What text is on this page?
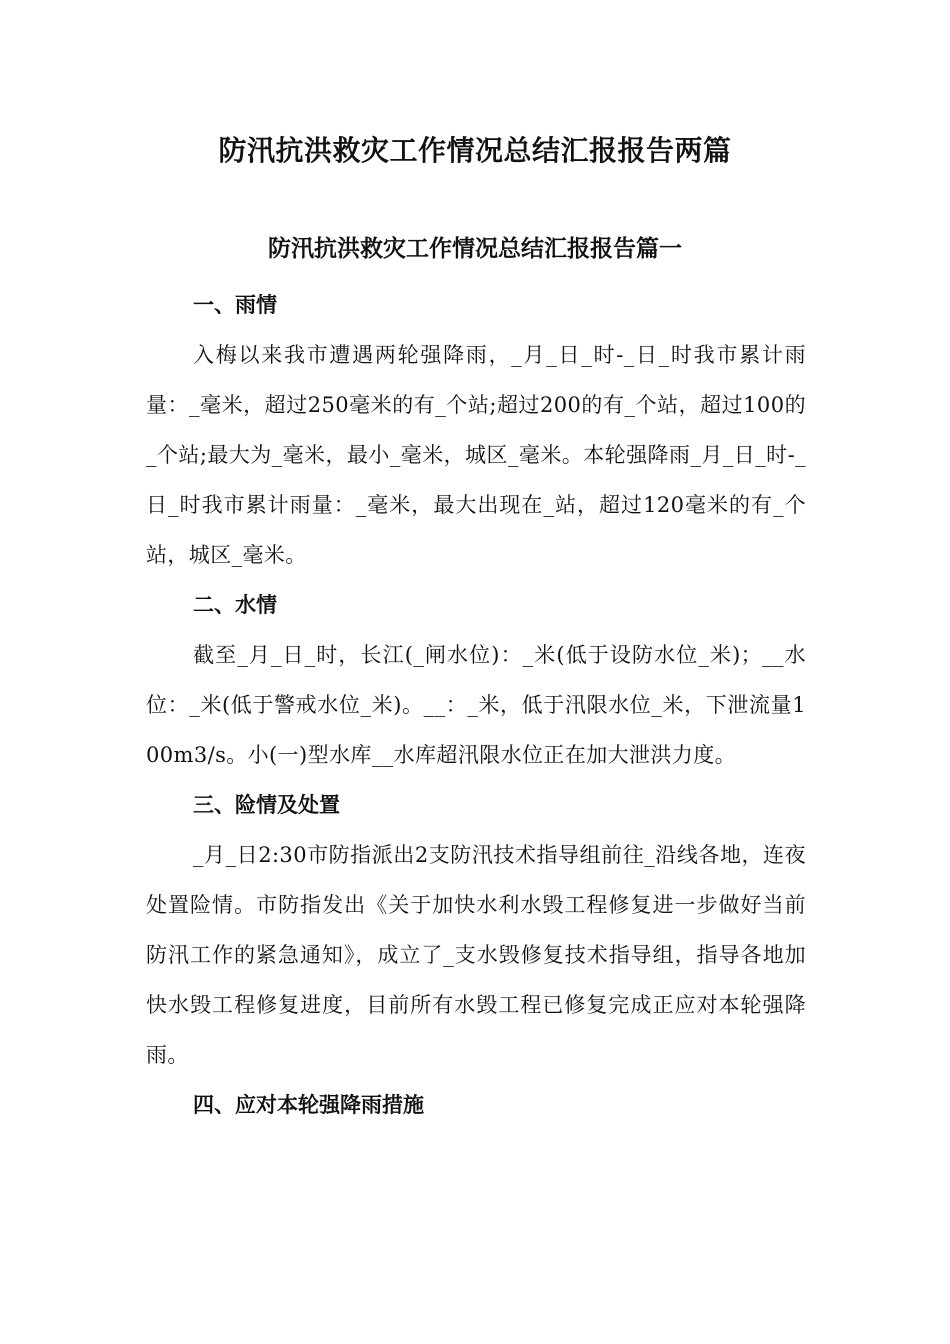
防汛抗洪救灾工作情况总结汇报报告两篇
防汛抗洪救灾工作情况总结汇报报告篇一

一、雨情

入梅以来我市遭遇两轮强降雨，_月_日_时-_日_时我市累计雨量：_毫米，超过250毫米的有_个站;超过200的有_个站，超过100的_个站;最大为_毫米，最小_毫米，城区_毫米。本轮强降雨_月_日_时-_日_时我市累计雨量：_毫米，最大出现在_站，超过120毫米的有_个站，城区_毫米。

二、水情

截至_月_日_时，长江(_闸水位)：_米(低于设防水位_米)；__水位：_米(低于警戒水位_米)。__：_米，低于汛限水位_米，下泄流量100m3/s。小(一)型水库__水库超汛限水位正在加大泄洪力度。

三、险情及处置

_月_日2:30市防指派出2支防汛技术指导组前往_沿线各地，连夜处置险情。市防指发出《关于加快水利水毁工程修复进一步做好当前防汛工作的紧急通知》，成立了_支水毁修复技术指导组，指导各地加快水毁工程修复进度，目前所有水毁工程已修复完成正应对本轮强降雨。

四、应对本轮强降雨措施
